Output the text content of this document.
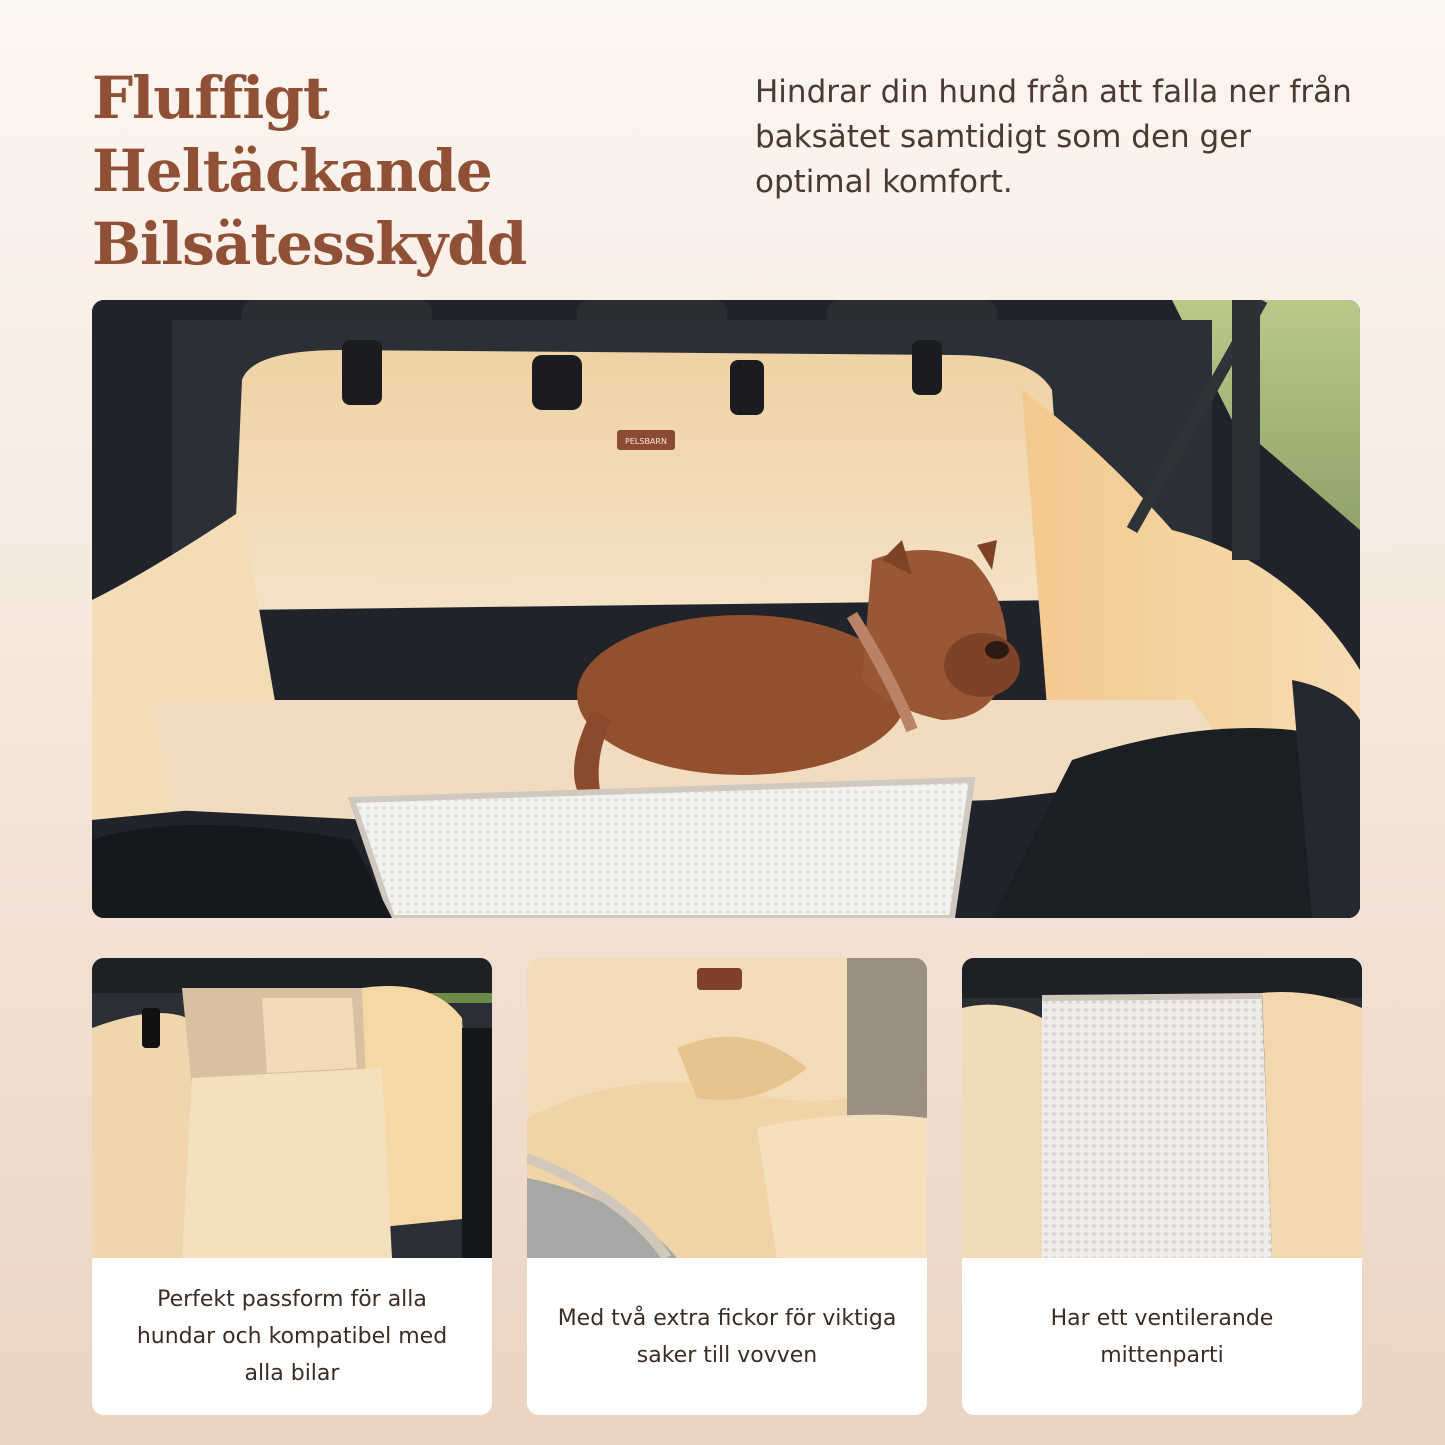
Fluffigt
Heltäckande
Bilsätesskydd

Hindrar din hund från att falla ner från baksätet samtidigt som den ger optimal komfort.

PELSBARN
Perfekt passform för alla hundar och kompatibel med alla bilar
Med två extra fickor för viktiga saker till vovven
Har ett ventilerande mittenparti
